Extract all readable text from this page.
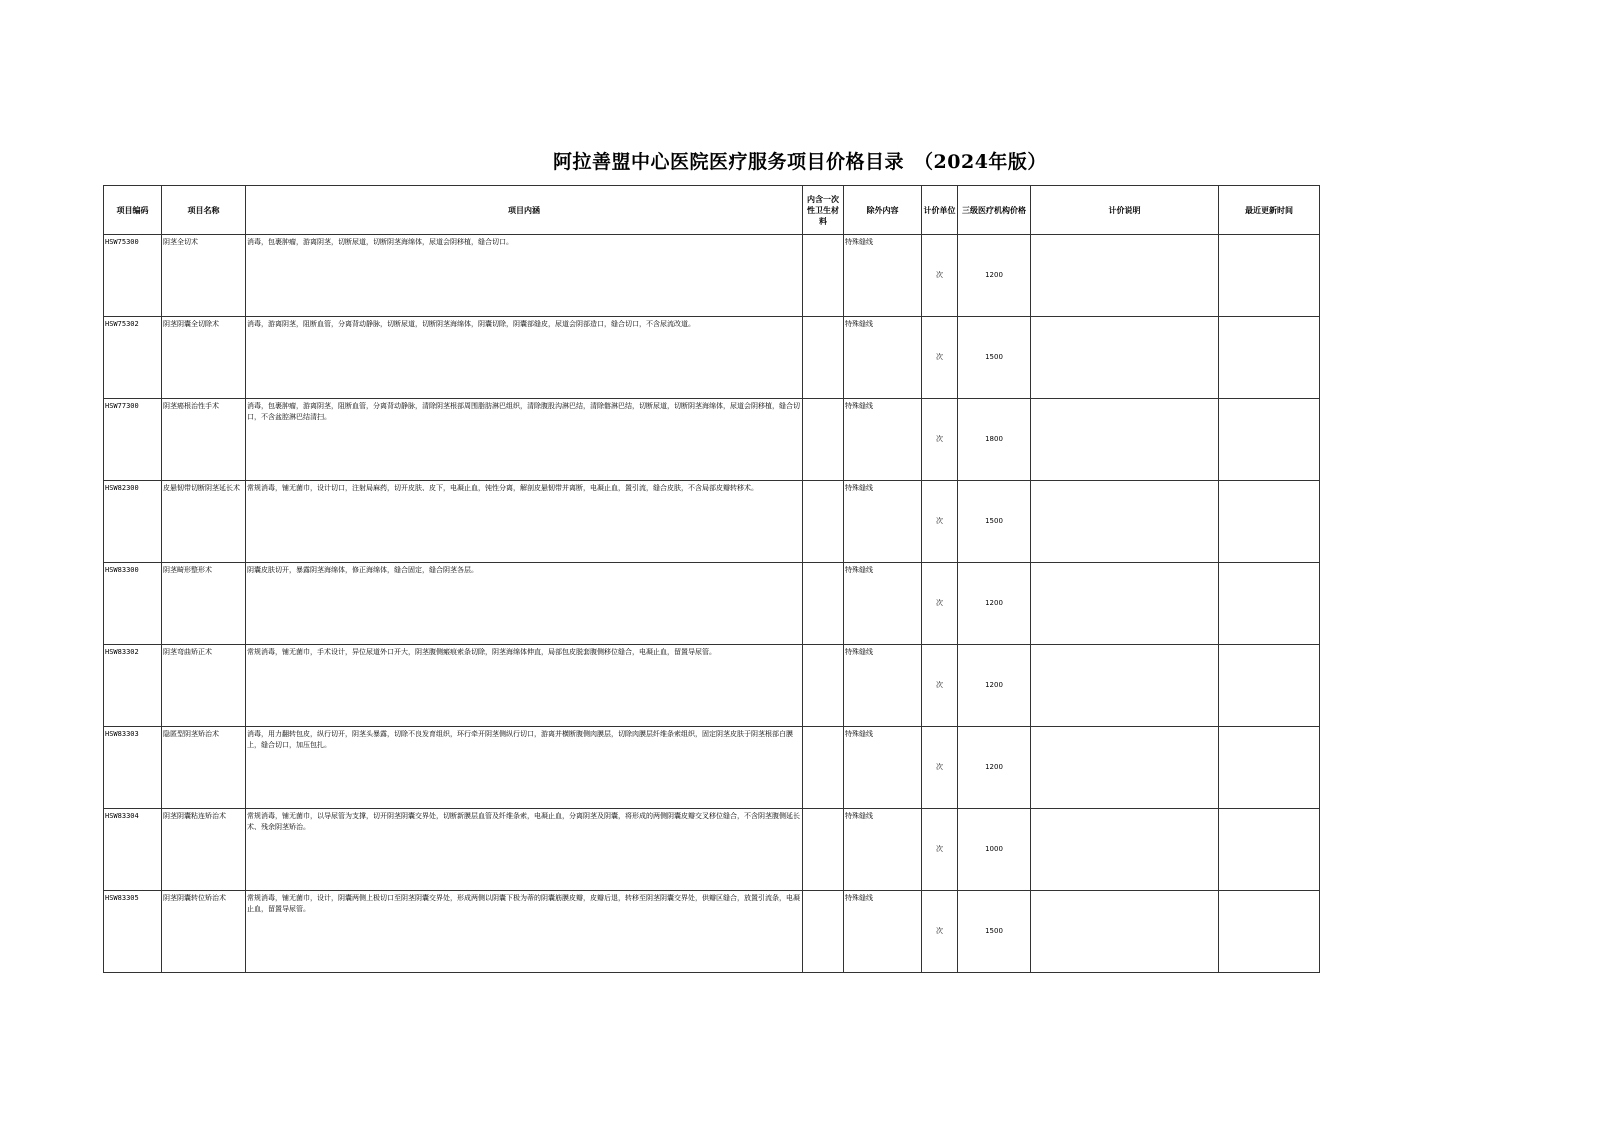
阿拉善盟中心医院医疗服务项目价格目录　（2024年版）
项目编码	项目名称	项目内涵	内含一次性卫生材料	除外内容	计价单位	三级医疗机构价格	计价说明	最近更新时间
HSW75300	阴茎全切术	消毒，包裹肿瘤，游离阴茎，切断尿道，切断阴茎海绵体，尿道会阴移植，缝合切口。		特殊缝线	次	1200		
HSW75302	阴茎阴囊全切除术	消毒，游离阴茎，阻断血管，分离背动静脉，切断尿道，切断阴茎海绵体，阴囊切除，阴囊部缝皮，尿道会阴部造口，缝合切口，不含尿流改道。		特殊缝线	次	1500		
HSW77300	阴茎癌根治性手术	消毒，包裹肿瘤，游离阴茎，阻断血管，分离背动静脉，清除阴茎根部周围脂肪淋巴组织，清除腹股沟淋巴结，清除髂淋巴结，切断尿道，切断阴茎海绵体，尿道会阴移植，缝合切口，不含盆腔淋巴结清扫。		特殊缝线	次	1800		
HSW82300	皮悬韧带切断阴茎延长术	常规消毒，铺无菌巾，设计切口，注射局麻药，切开皮肤、皮下，电凝止血，钝性分离，解剖皮悬韧带并离断，电凝止血，置引流，缝合皮肤，不含局部皮瓣转移术。		特殊缝线	次	1500		
HSW83300	阴茎畸形整形术	阴囊皮肤切开，暴露阴茎海绵体，修正海绵体，缝合固定，缝合阴茎各层。		特殊缝线	次	1200		
HSW83302	阴茎弯曲矫正术	常规消毒，铺无菌巾，手术设计，异位尿道外口开大，阴茎腹侧瘢痕索条切除，阴茎海绵体伸直，局部包皮脱套腹侧移位缝合，电凝止血，留置导尿管。		特殊缝线	次	1200		
HSW83303	隐匿型阴茎矫治术	消毒，用力翻转包皮，纵行切开，阴茎头暴露，切除不良发育组织，环行牵开阴茎侧纵行切口，游离并横断腹侧肉膜层，切除肉膜层纤维条索组织，固定阴茎皮肤于阴茎根部白膜上，缝合切口，加压包扎。		特殊缝线	次	1200		
HSW83304	阴茎阴囊粘连矫治术	常规消毒，铺无菌巾，以导尿管为支撑，切开阴茎阴囊交界处，切断新膜层血管及纤维条索，电凝止血，分离阴茎及阴囊，将形成的两侧阴囊皮瓣交叉移位缝合，不含阴茎腹侧延长术、残余阴茎矫治。		特殊缝线	次	1000		
HSW83305	阴茎阴囊转位矫治术	常规消毒，铺无菌巾，设计，阴囊两侧上极切口至阴茎阴囊交界处，形成两侧以阴囊下极为蒂的阴囊筋膜皮瓣，皮瓣后退，转移至阴茎阴囊交界处，供瓣区缝合，放置引流条，电凝止血，留置导尿管。		特殊缝线	次	1500		
